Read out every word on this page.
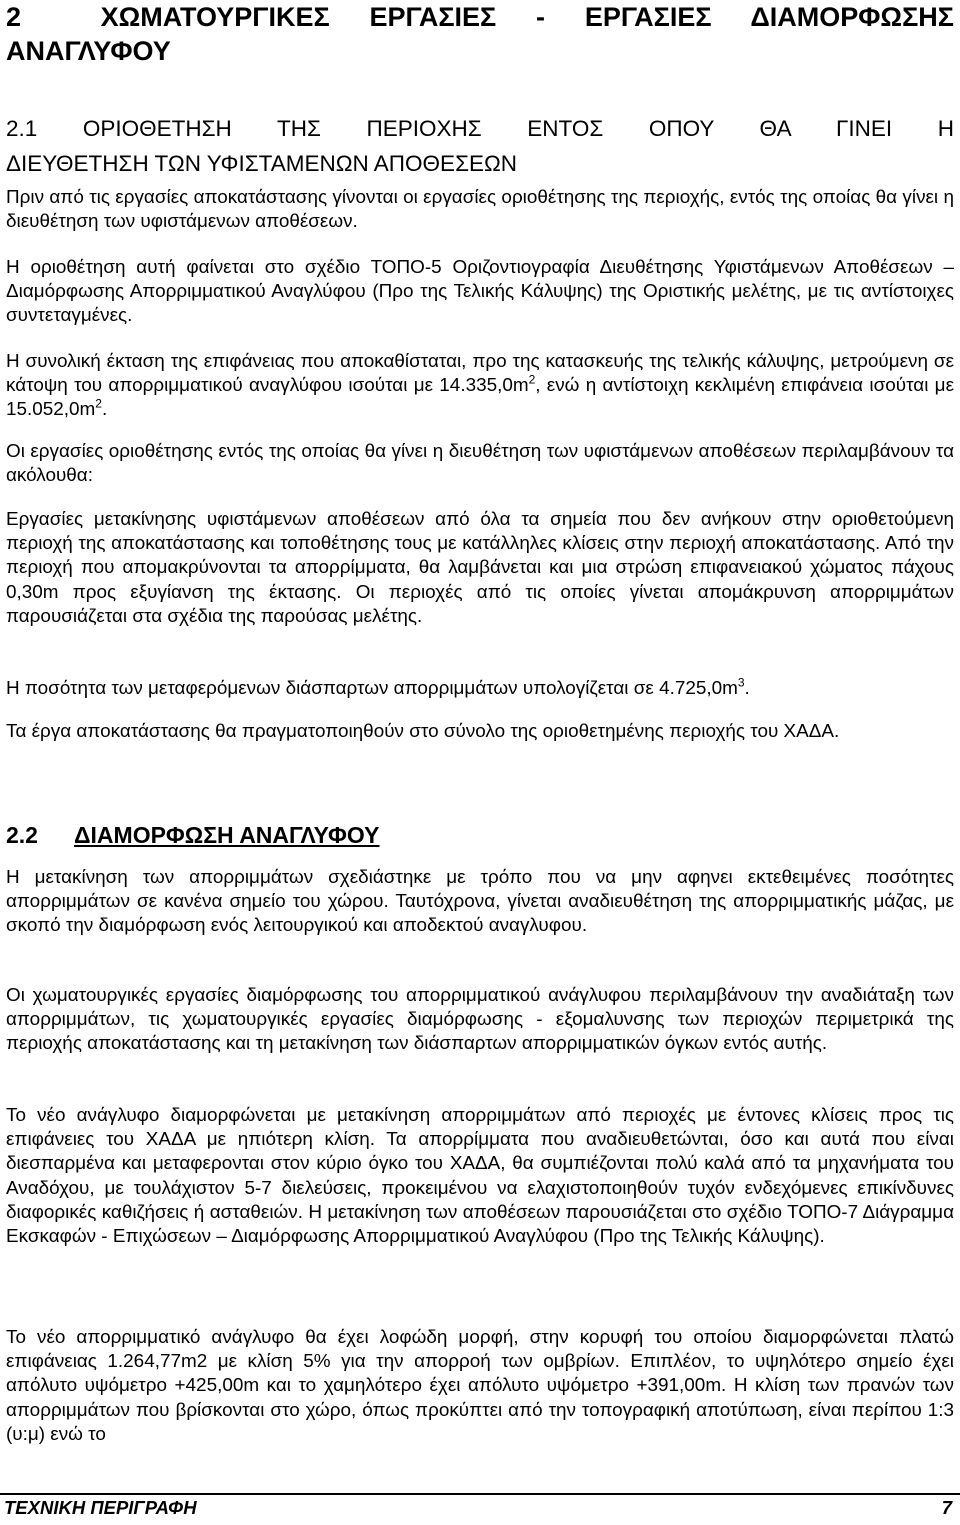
2	ΧΩΜΑΤΟΥΡΓΙΚΕΣ ΕΡΓΑΣΙΕΣ - ΕΡΓΑΣΙΕΣ ΔΙΑΜΟΡΦΩΣΗΣ
ΑΝΑΓΛΥΦΟΥ
2.1 ΟΡΙΟΘΕΤΗΣΗ ΤΗΣ ΠΕΡΙΟΧΗΣ ΕΝΤΟΣ ΟΠΟΥ ΘΑ ΓΙΝΕΙ Η
ΔΙΕΥΘΕΤΗΣΗ ΤΩΝ ΥΦΙΣΤΑΜΕΝΩΝ ΑΠΟΘΕΣΕΩΝ

Πριν από τις εργασίες αποκατάστασης γίνονται οι εργασίες οριοθέτησης της περιοχής, εντός της οποίας θα γίνει η διευθέτηση των υφιστάμενων αποθέσεων.

Η οριοθέτηση αυτή φαίνεται στο σχέδιο ΤΟΠΟ-5 Οριζοντιογραφία Διευθέτησης Υφιστάμενων Αποθέσεων – Διαμόρφωσης Απορριμματικού Αναγλύφου (Προ της Τελικής Κάλυψης) της Οριστικής μελέτης, με τις αντίστοιχες συντεταγμένες.

Η συνολική έκταση της επιφάνειας που αποκαθίσταται, προ της κατασκευής της τελικής κάλυψης, μετρούμενη σε κάτοψη του απορριμματικού αναγλύφου ισούται με $14.335,0m^2$, ενώ η αντίστοιχη κεκλιμένη επιφάνεια ισούται με $15.052,0m^2$.

Οι εργασίες οριοθέτησης εντός της οποίας θα γίνει η διευθέτηση των υφιστάμενων αποθέσεων περιλαμβάνουν τα ακόλουθα:

Εργασίες μετακίνησης υφιστάμενων αποθέσεων από όλα τα σημεία που δεν ανήκουν στην οριοθετούμενη περιοχή της αποκατάστασης και τοποθέτησης τους με κατάλληλες κλίσεις στην περιοχή αποκατάστασης. Από την περιοχή που απομακρύνονται τα απορρίμματα, θα λαμβάνεται και μια στρώση επιφανειακού χώματος πάχους 0,30m προς εξυγίανση της έκτασης. Οι περιοχές από τις οποίες γίνεται απομάκρυνση απορριμμάτων παρουσιάζεται στα σχέδια της παρούσας μελέτης.

Η ποσότητα των μεταφερόμενων διάσπαρτων απορριμμάτων υπολογίζεται σε $4.725,0m^3$.

Τα έργα αποκατάστασης θα πραγματοποιηθούν στο σύνολο της οριοθετημένης περιοχής του ΧΑΔΑ.

2.2 ΔΙΑΜΟΡΦΩΣΗ ΑΝΑΓΛΥΦΟΥ

Η μετακίνηση των απορριμμάτων σχεδιάστηκε με τρόπο που να μην αφηνει εκτεθειμένες ποσότητες απορριμμάτων σε κανένα σημείο του χώρου. Ταυτόχρονα, γίνεται αναδιευθέτηση της απορριμματικής μάζας, με σκοπό την διαμόρφωση ενός λειτουργικού και αποδεκτού αναγλυφου.

Οι χωματουργικές εργασίες διαμόρφωσης του απορριμματικού ανάγλυφου περιλαμβάνουν την αναδιάταξη των απορριμμάτων, τις χωματουργικές εργασίες διαμόρφωσης - εξομαλυνσης των περιοχών περιμετρικά της περιοχής αποκατάστασης και τη μετακίνηση των διάσπαρτων απορριμματικών όγκων εντός αυτής.

Το νέο ανάγλυφο διαμορφώνεται με μετακίνηση απορριμμάτων από περιοχές με έντονες κλίσεις προς τις επιφάνειες του ΧΑΔΑ με ηπιότερη κλίση. Τα απορρίμματα που αναδιευθετώνται, όσο και αυτά που είναι διεσπαρμένα και μεταφερονται στον κύριο όγκο του ΧΑΔΑ, θα συμπιέζονται πολύ καλά από τα μηχανήματα του Αναδόχου, με τουλάχιστον 5-7 διελεύσεις, προκειμένου να ελαχιστοποιηθούν τυχόν ενδεχόμενες επικίνδυνες διαφορικές καθιζήσεις ή ασταθειών. Η μετακίνηση των αποθέσεων παρουσιάζεται στο σχέδιο ΤΟΠΟ-7 Διάγραμμα Εκσκαφών - Επιχώσεων – Διαμόρφωσης Απορριμματικού Αναγλύφου (Προ της Τελικής Κάλυψης).

Το νέο απορριμματικό ανάγλυφο θα έχει λοφώδη μορφή, στην κορυφή του οποίου διαμορφώνεται πλατώ επιφάνειας 1.264,77m2 με κλίση 5% για την απορροή των ομβρίων. Επιπλέον, το υψηλότερο σημείο έχει απόλυτο υψόμετρο +425,00m και το χαμηλότερο έχει απόλυτο υψόμετρο +391,00m. Η κλίση των πρανών των απορριμμάτων που βρίσκονται στο χώρο, όπως προκύπτει από την τοπογραφική αποτύπωση, είναι περίπου 1:3 (υ:μ) ενώ το

ΤΕΧΝΙΚΗ ΠΕΡΙΓΡΑΦΗ	7
